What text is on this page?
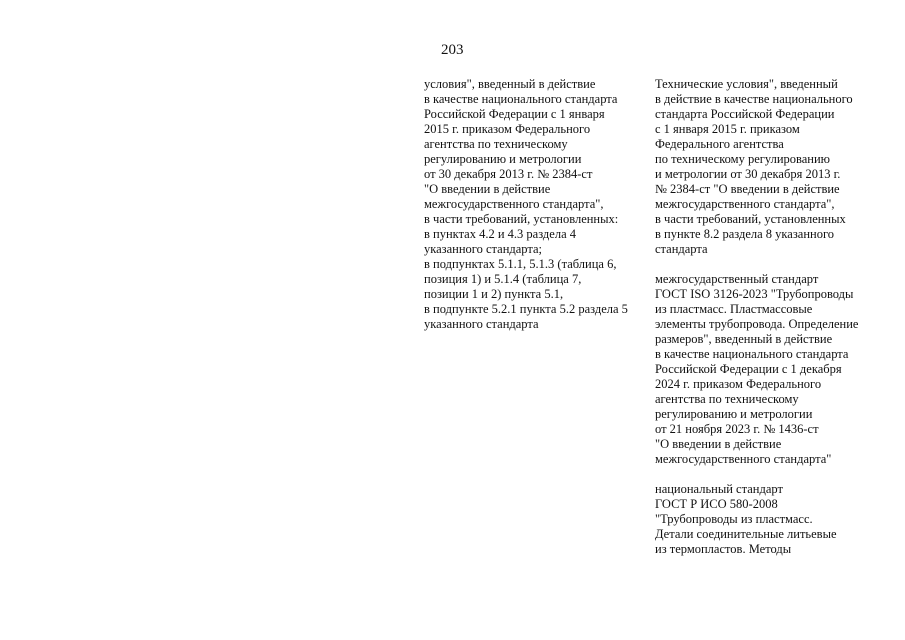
203
условия", введенный в действие
в качестве национального стандарта
Российской Федерации с 1 января
2015 г. приказом Федерального
агентства по техническому
регулированию и метрологии
от 30 декабря 2013 г. № 2384-ст
"О введении в действие
межгосударственного стандарта",
в части требований, установленных:
в пунктах 4.2 и 4.3 раздела 4
указанного стандарта;
в подпунктах 5.1.1, 5.1.3 (таблица 6,
позиция 1) и 5.1.4 (таблица 7,
позиции 1 и 2) пункта 5.1,
в подпункте 5.2.1 пункта 5.2 раздела 5
указанного стандарта
Технические условия", введенный
в действие в качестве национального
стандарта Российской Федерации
с 1 января 2015 г. приказом
Федерального агентства
по техническому регулированию
и метрологии от 30 декабря 2013 г.
№ 2384-ст "О введении в действие
межгосударственного стандарта",
в части требований, установленных
в пункте 8.2 раздела 8 указанного
стандарта
межгосударственный стандарт
ГОСТ ISO 3126-2023 "Трубопроводы
из пластмасс. Пластмассовые
элементы трубопровода. Определение
размеров", введенный в действие
в качестве национального стандарта
Российской Федерации с 1 декабря
2024 г. приказом Федерального
агентства по техническому
регулированию и метрологии
от 21 ноября 2023 г. № 1436-ст
"О введении в действие
межгосударственного стандарта"
национальный стандарт
ГОСТ Р ИСО 580-2008
"Трубопроводы из пластмасс.
Детали соединительные литьевые
из термопластов. Методы
